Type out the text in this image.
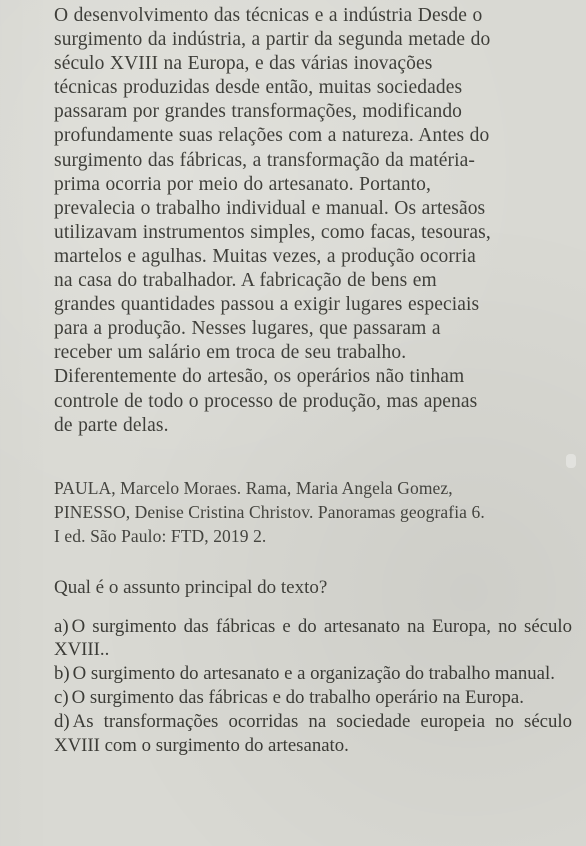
O desenvolvimento das técnicas e a indústria Desde o
surgimento da indústria, a partir da segunda metade do
século XVIII na Europa, e das várias inovações
técnicas produzidas desde então, muitas sociedades
passaram por grandes transformações, modificando
profundamente suas relações com a natureza. Antes do
surgimento das fábricas, a transformação da matéria-
prima ocorria por meio do artesanato. Portanto,
prevalecia o trabalho individual e manual. Os artesãos
utilizavam instrumentos simples, como facas, tesouras,
martelos e agulhas. Muitas vezes, a produção ocorria
na casa do trabalhador. A fabricação de bens em
grandes quantidades passou a exigir lugares especiais
para a produção. Nesses lugares, que passaram a
receber um salário em troca de seu trabalho.
Diferentemente do artesão, os operários não tinham
controle de todo o processo de produção, mas apenas
de parte delas.
PAULA, Marcelo Moraes. Rama, Maria Angela Gomez,
PINESSO, Denise Cristina Christov. Panoramas geografia 6.
I ed. São Paulo: FTD, 2019 2.
Qual é o assunto principal do texto?
a) O surgimento das fábricas e do artesanato na Europa, no século XVIII..
b) O surgimento do artesanato e a organização do trabalho manual.
c) O surgimento das fábricas e do trabalho operário na Europa.
d) As transformações ocorridas na sociedade europeia no século XVIII com o surgimento do artesanato.
